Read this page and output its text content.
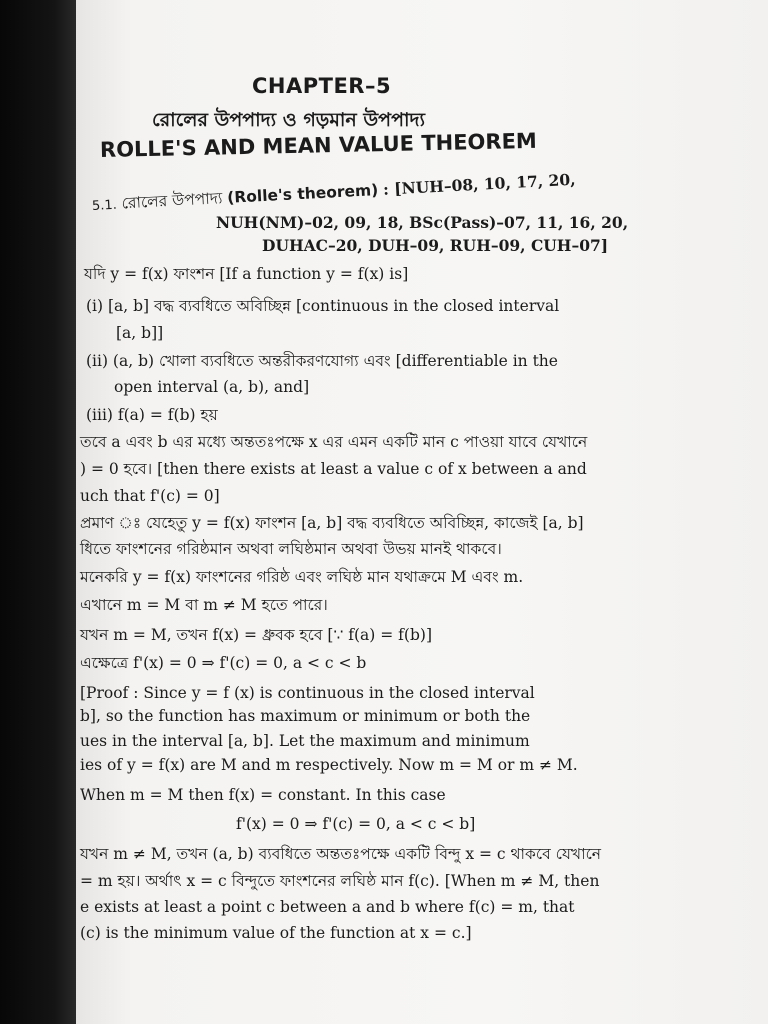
CHAPTER–5
রোলের উপপাদ্য ও গড়মান উপপাদ্য
ROLLE'S AND MEAN VALUE THEOREM
5.1. রোলের উপপাদ্য (Rolle's theorem) : [NUH–08, 10, 17, 20,
NUH(NM)–02, 09, 18, BSc(Pass)–07, 11, 16, 20,
DUHAC–20, DUH–09, RUH–09, CUH–07]
যদি y = f(x) ফাংশন [If a function y = f(x) is]
(i) [a, b] বদ্ধ ব্যবধিতে অবিচ্ছিন্ন [continuous in the closed interval
[a, b]]
(ii) (a, b) খোলা ব্যবধিতে অন্তরীকরণযোগ্য এবং [differentiable in the
open interval (a, b), and]
(iii) f(a) = f(b) হয়
তবে a এবং b এর মধ্যে অন্ততঃপক্ষে x এর এমন একটি মান c পাওয়া যাবে যেখানে
) = 0 হবে। [then there exists at least a value c of x between a and
uch that f'(c) = 0]
প্রমাণ ঃ যেহেতু y = f(x) ফাংশন [a, b] বদ্ধ ব্যবধিতে অবিচ্ছিন্ন, কাজেই [a, b]
ধিতে ফাংশনের গরিষ্ঠমান অথবা লঘিষ্ঠমান অথবা উভয় মানই থাকবে।
মনেকরি y = f(x) ফাংশনের গরিষ্ঠ এবং লঘিষ্ঠ মান যথাক্রমে M এবং m.
এখানে m = M বা m ≠ M হতে পারে।
যখন m = M, তখন f(x) = ধ্রুবক হবে [∵ f(a) = f(b)]
এক্ষেত্রে f'(x) = 0 ⇒ f'(c) = 0, a < c < b
[Proof : Since y = f (x) is continuous in the closed interval
b], so the function has maximum or minimum or both the
ues in the interval [a, b]. Let the maximum and minimum
ies of y = f(x) are M and m respectively. Now m = M or m ≠ M.
When m = M then f(x) = constant. In this case
f'(x) = 0 ⇒ f'(c) = 0, a < c < b]
যখন m ≠ M, তখন (a, b) ব্যবধিতে অন্ততঃপক্ষে একটি বিন্দু x = c থাকবে যেখানে
= m হয়। অর্থাৎ x = c বিন্দুতে ফাংশনের লঘিষ্ঠ মান f(c). [When m ≠ M, then
e exists at least a point c between a and b where f(c) = m, that
(c) is the minimum value of the function at x = c.]
